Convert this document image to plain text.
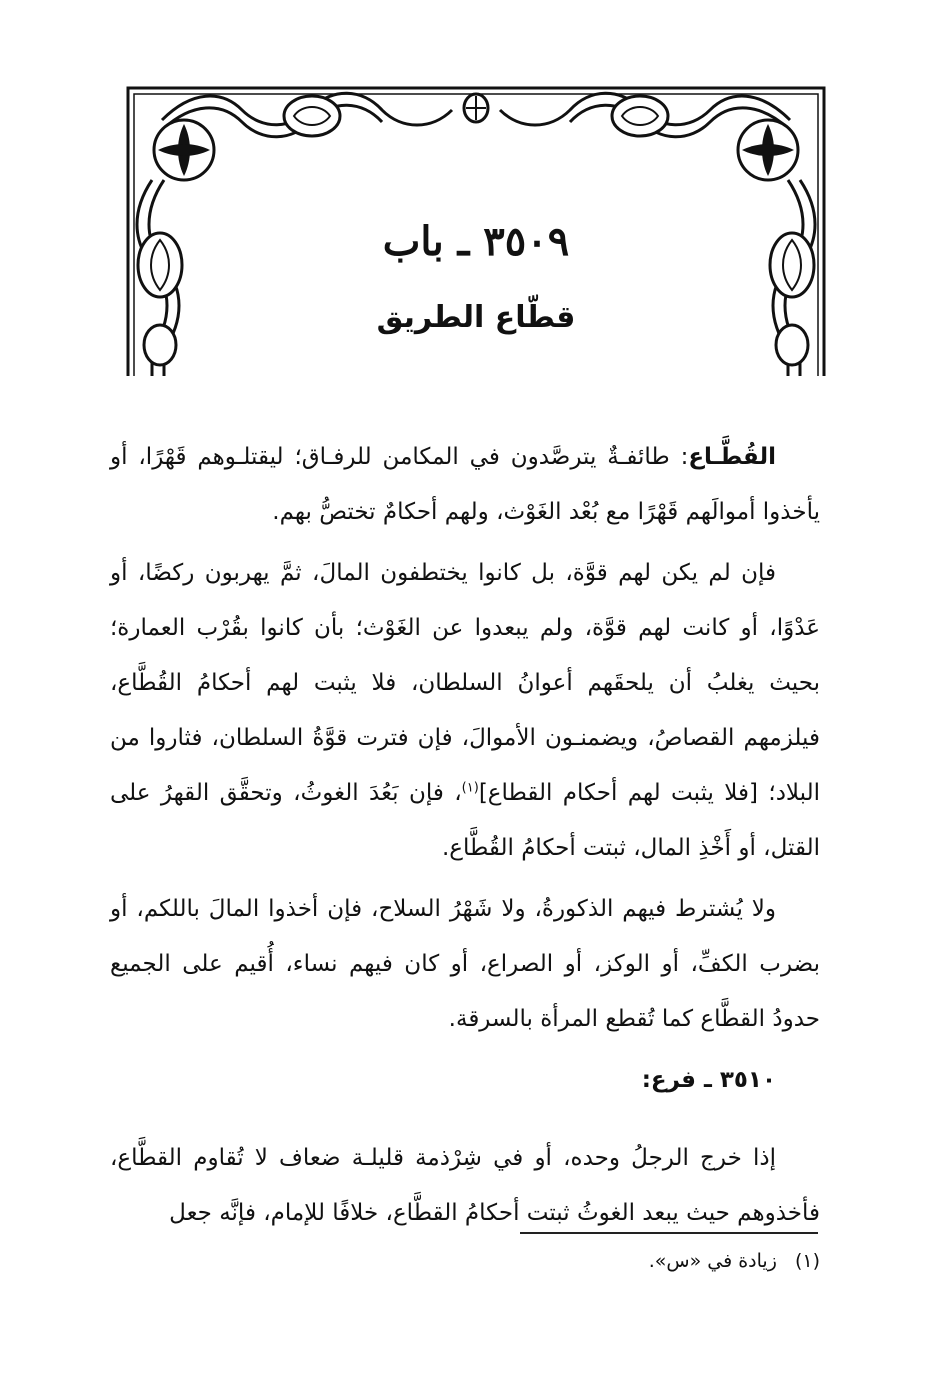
٣٥٠٩ ـ باب
قطّاع الطريق

القُطَّـاع: طائفـةٌ يترصَّدون في المكامن للرفـاق؛ ليقتلـوهم قَهْرًا، أو يأخذوا أموالَهم قَهْرًا مع بُعْد الغَوْث، ولهم أحكامٌ تختصُّ بهم.

فإن لم يكن لهم قوَّة، بل كانوا يختطفون المالَ، ثمَّ يهربون ركضًا، أو عَدْوًا، أو كانت لهم قوَّة، ولم يبعدوا عن الغَوْث؛ بأن كانوا بقُرْب العمارة؛ بحيث يغلبُ أن يلحقَهم أعوانُ السلطان، فلا يثبت لهم أحكامُ القُطَّاع، فيلزمهم القصاصُ، ويضمنـون الأموالَ، فإن فترت قوَّةُ السلطان، فثاروا من البلاد؛ [فلا يثبت لهم أحكام القطاع]$^{(١)}$، فإن بَعُدَ الغوثُ، وتحقَّق القهرُ على القتل، أو أَخْذِ المال، ثبتت أحكامُ القُطَّاع.

ولا يُشترط فيهم الذكورةُ، ولا شَهْرُ السلاح، فإن أخذوا المالَ باللكم، أو بضرب الكفِّ، أو الوكز، أو الصراع، أو كان فيهم نساء، أُقيم على الجميع حدودُ القطَّاع كما تُقطع المرأة بالسرقة.

٣٥١٠ ـ فرع:

إذا خرج الرجلُ وحده، أو في شِرْذمة قليلـة ضعاف لا تُقاوم القطَّاع، فأخذوهم حيث يبعد الغوثُ ثبتت أحكامُ القطَّاع، خلافًا للإمام، فإنَّه جعل

(١) زيادة في «س».
